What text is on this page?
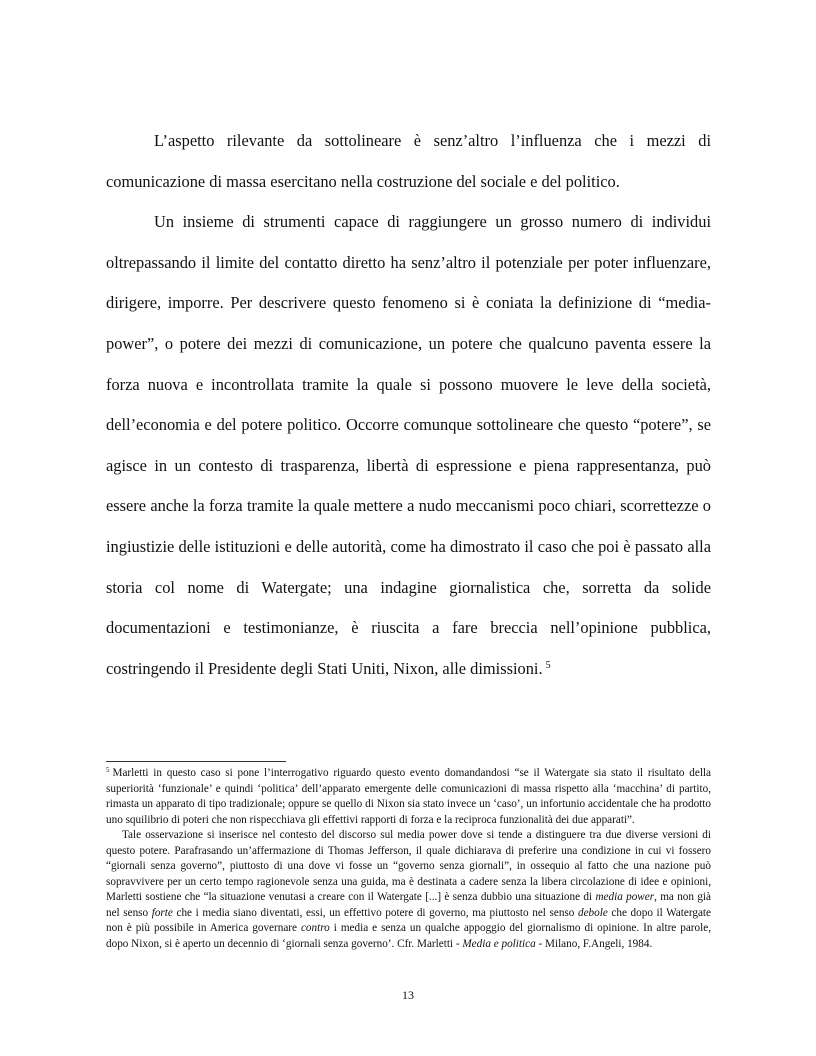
L’aspetto rilevante da sottolineare è senz’altro l’influenza che i mezzi di comunicazione di massa esercitano nella costruzione del sociale e del politico.

Un insieme di strumenti capace di raggiungere un grosso numero di individui oltrepassando il limite del contatto diretto ha senz’altro il potenziale per poter influenzare, dirigere, imporre. Per descrivere questo fenomeno si è coniata la definizione di “media-power”, o potere dei mezzi di comunicazione, un potere che qualcuno paventa essere la forza nuova e incontrollata tramite la quale si possono muovere le leve della società, dell’economia e del potere politico. Occorre comunque sottolineare che questo “potere”, se agisce in un contesto di trasparenza, libertà di espressione e piena rappresentanza, può essere anche la forza tramite la quale mettere a nudo meccanismi poco chiari, scorrettezze o ingiustizie delle istituzioni e delle autorità, come ha dimostrato il caso che poi è passato alla storia col nome di Watergate; una indagine giornalistica che, sorretta da solide documentazioni e testimonianze, è riuscita a fare breccia nell’opinione pubblica, costringendo il Presidente degli Stati Uniti, Nixon, alle dimissioni. $^5$

$^5$ Marletti in questo caso si pone l’interrogativo riguardo questo evento domandandosi “se il Watergate sia stato il risultato della superiorità ‘funzionale’ e quindi ‘politica’ dell’apparato emergente delle comunicazioni di massa rispetto alla ‘macchina’ di partito, rimasta un apparato di tipo tradizionale; oppure se quello di Nixon sia stato invece un ‘caso’, un infortunio accidentale che ha prodotto uno squilibrio di poteri che non rispecchiava gli effettivi rapporti di forza e la reciproca funzionalità dei due apparati”.

Tale osservazione si inserisce nel contesto del discorso sul media power dove si tende a distinguere tra due diverse versioni di questo potere. Parafrasando un’affermazione di Thomas Jefferson, il quale dichiarava di preferire una condizione in cui vi fossero “giornali senza governo”, piuttosto di una dove vi fosse un “governo senza giornali”, in ossequio al fatto che una nazione può sopravvivere per un certo tempo ragionevole senza una guida, ma è destinata a cadere senza la libera circolazione di idee e opinioni, Marletti sostiene che “la situazione venutasi a creare con il Watergate [...] è senza dubbio una situazione di media power, ma non già nel senso forte che i media siano diventati, essi, un effettivo potere di governo, ma piuttosto nel senso debole che dopo il Watergate non è più possibile in America governare contro i media e senza un qualche appoggio del giornalismo di opinione. In altre parole, dopo Nixon, si è aperto un decennio di ‘giornali senza governo’. Cfr. Marletti - Media e politica - Milano, F.Angeli, 1984.

13
